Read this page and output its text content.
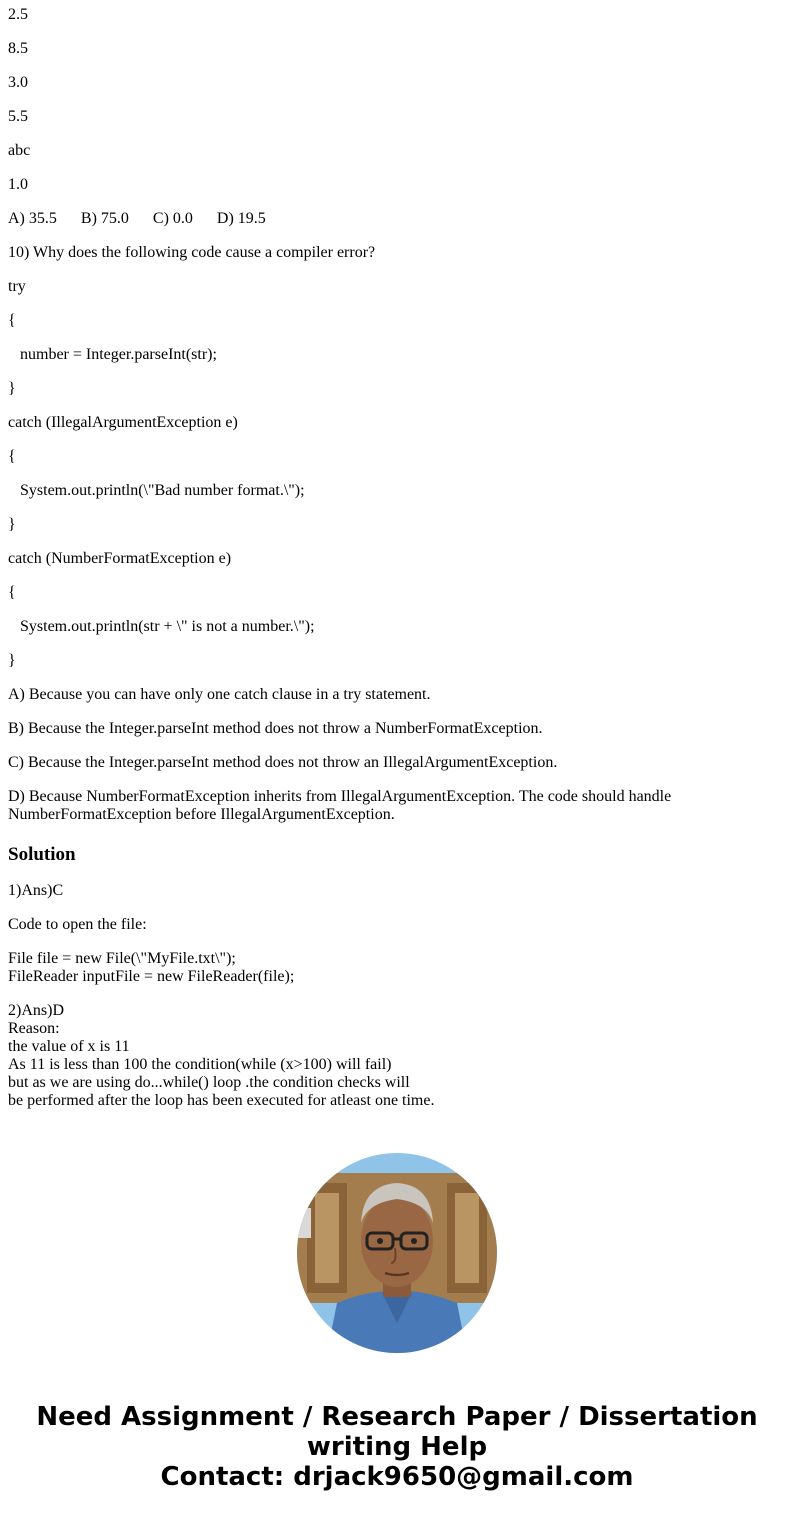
2.5

8.5

3.0

5.5

abc

1.0

A) 35.5 B) 75.0 C) 0.0 D) 19.5

10) Why does the following code cause a compiler error?

try

{

number = Integer.parseInt(str);

}

catch (IllegalArgumentException e)

{

System.out.println(\"Bad number format.\");

}

catch (NumberFormatException e)

{

System.out.println(str + \" is not a number.\");

}

A) Because you can have only one catch clause in a try statement.

B) Because the Integer.parseInt method does not throw a NumberFormatException.

C) Because the Integer.parseInt method does not throw an IllegalArgumentException.

D) Because NumberFormatException inherits from IllegalArgumentException. The code should handle NumberFormatException before IllegalArgumentException.

Solution

1)Ans)C

Code to open the file:

File file = new File(\"MyFile.txt\");
FileReader inputFile = new FileReader(file);
2)Ans)D
Reason:
the value of x is 11
As 11 is less than 100 the condition(while (x>100) will fail)
but as we are using do...while() loop .the condition checks will
be performed after the loop has been executed for atleast one time.
Need Assignment / Research Paper / Dissertation
writing Help
Contact: drjack9650@gmail.com
